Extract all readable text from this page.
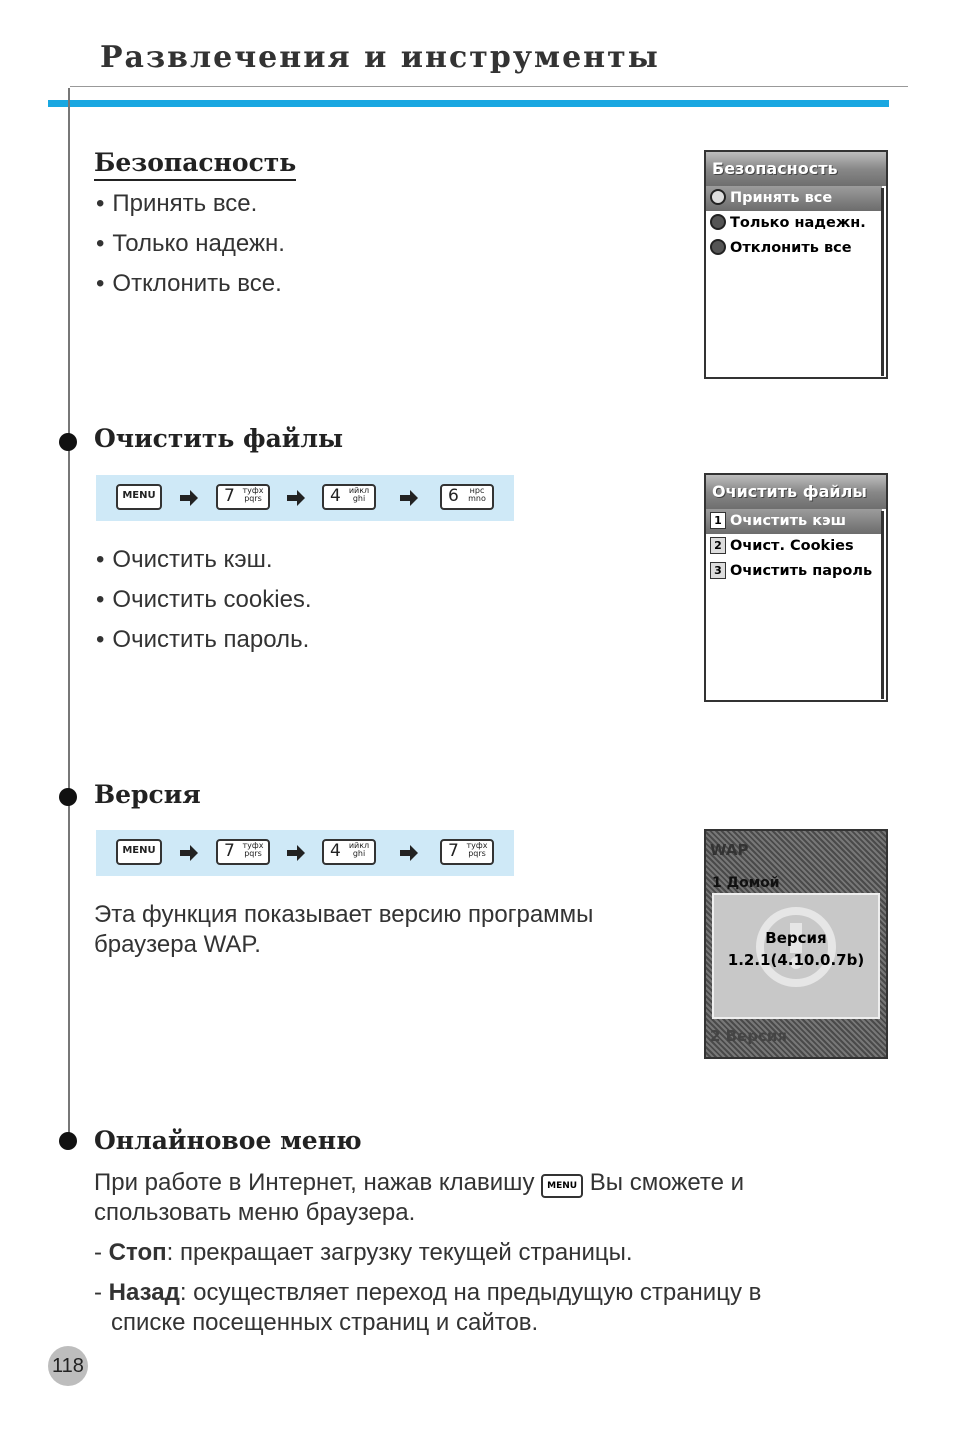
Развлечения и инструменты
Безопасность
• Принять все.
• Только надежн.
• Отклонить все.
Безопасность
Принять все
Только надежн.
Отклонить все
Очистить файлы
MENU	7 туфх
pqrs	4	ийкл
ghi	6	нрс
mno
• Очистить кэш.
• Очистить cookies.
• Очистить пароль.
Очистить файлы
1 Очистить кэш
2 Очист. Cookies
3 Очистить пароль
Версия
MENU	7 туфх
pqrs	4	ийкл
ghi	7 туфх
pqrs
Эта функция показывает версию программы
браузера WAP.
WAP
1 Домой
Версия
1.2.1(4.10.0.7b)
2 Версия
Онлайновое меню
При работе в Интернет, нажав клавишу MENU Вы сможете и
спользовать меню браузера.
- Стоп: прекращает загрузку текущей страницы.
- Назад: осуществляет переход на предыдущую страницу в
списке посещенных страниц и сайтов.
118
